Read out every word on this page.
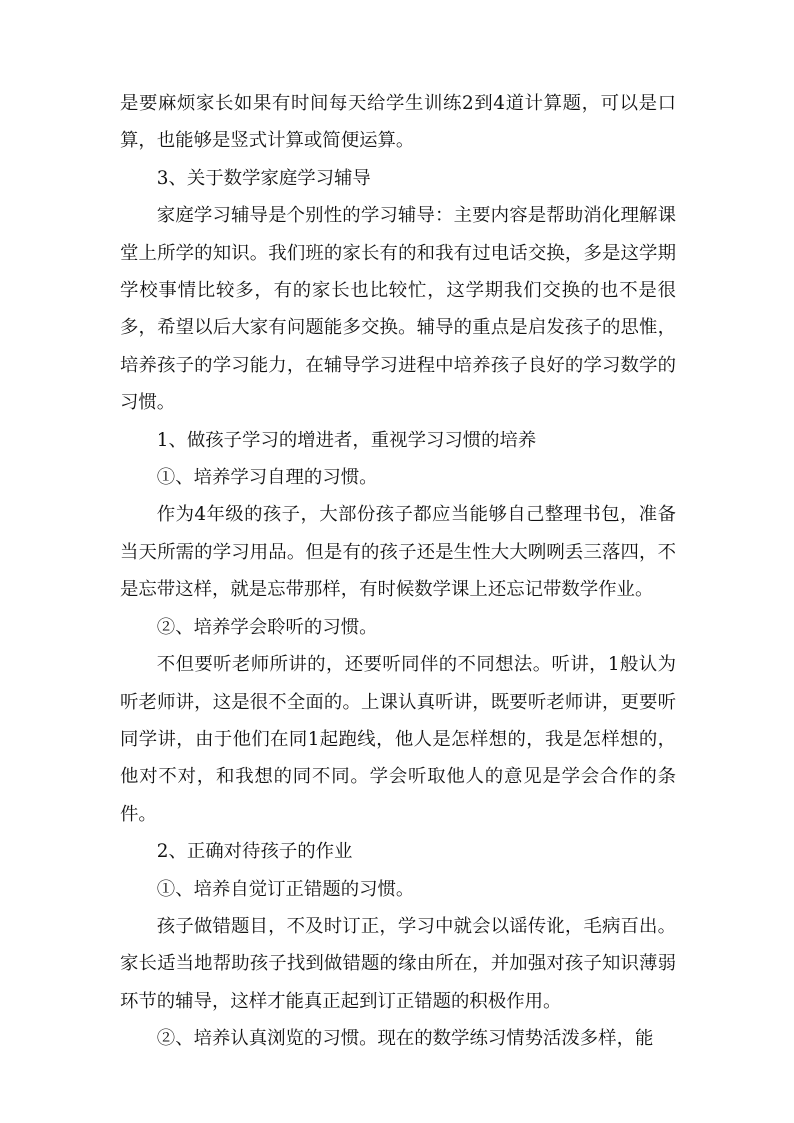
是要麻烦家长如果有时间每天给学生训练2到4道计算题，可以是口算，也能够是竖式计算或简便运算。

3、关于数学家庭学习辅导

家庭学习辅导是个别性的学习辅导：主要内容是帮助消化理解课堂上所学的知识。我们班的家长有的和我有过电话交换，多是这学期学校事情比较多，有的家长也比较忙，这学期我们交换的也不是很多，希望以后大家有问题能多交换。辅导的重点是启发孩子的思惟，培养孩子的学习能力，在辅导学习进程中培养孩子良好的学习数学的习惯。

1、做孩子学习的增进者，重视学习习惯的培养

①、培养学习自理的习惯。

作为4年级的孩子，大部份孩子都应当能够自己整理书包，准备当天所需的学习用品。但是有的孩子还是生性大大咧咧丢三落四，不是忘带这样，就是忘带那样，有时候数学课上还忘记带数学作业。

②、培养学会聆听的习惯。

不但要听老师所讲的，还要听同伴的不同想法。听讲，1般认为听老师讲，这是很不全面的。上课认真听讲，既要听老师讲，更要听同学讲，由于他们在同1起跑线，他人是怎样想的，我是怎样想的，他对不对，和我想的同不同。学会听取他人的意见是学会合作的条件。

2、正确对待孩子的作业

①、培养自觉订正错题的习惯。

孩子做错题目，不及时订正，学习中就会以谣传讹，毛病百出。家长适当地帮助孩子找到做错题的缘由所在，并加强对孩子知识薄弱环节的辅导，这样才能真正起到订正错题的积极作用。

②、培养认真浏览的习惯。现在的数学练习情势活泼多样，能
